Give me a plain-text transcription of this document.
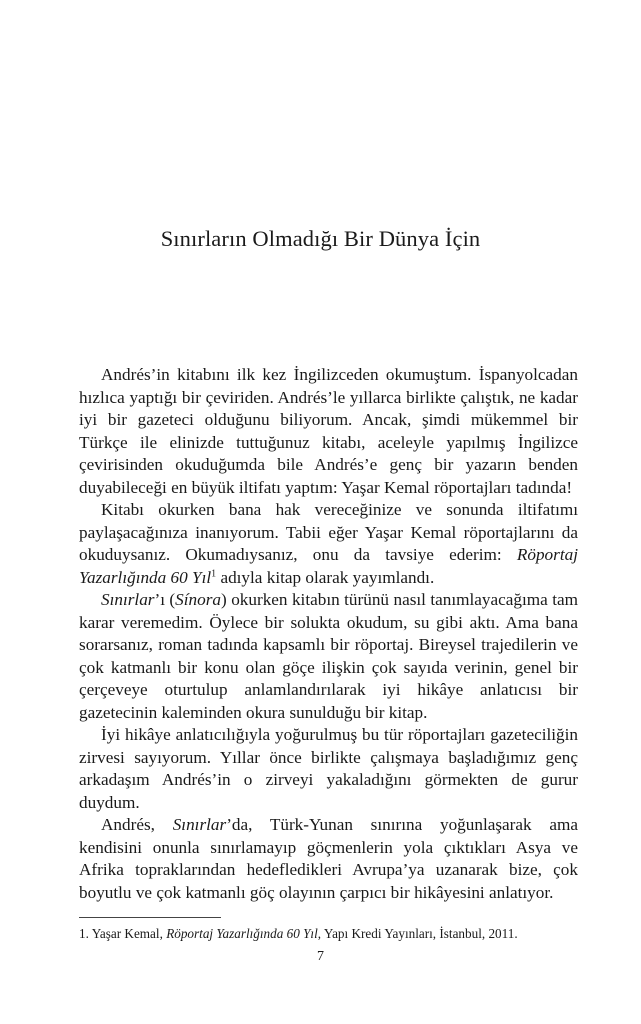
Sınırların Olmadığı Bir Dünya İçin

Andrés’in kitabını ilk kez İngilizceden okumuştum. İspanyolcadan hızlıca yaptığı bir çeviriden. Andrés’le yıllarca birlikte çalıştık, ne kadar iyi bir gazeteci olduğunu biliyorum. Ancak, şimdi mükemmel bir Türkçe ile elinizde tuttuğunuz kitabı, aceleyle yapılmış İngilizce çevirisinden okuduğumda bile Andrés’e genç bir yazarın benden duyabileceği en büyük iltifatı yaptım: Yaşar Kemal röportajları tadında!

Kitabı okurken bana hak vereceğinize ve sonunda iltifatımı paylaşacağınıza inanıyorum. Tabii eğer Yaşar Kemal röportajlarını da okuduysanız. Okumadıysanız, onu da tavsiye ederim: Röportaj Yazarlığında 60 Yıl$^1$ adıyla kitap olarak yayımlandı.

Sınırlar’ı (Sínora) okurken kitabın türünü nasıl tanımlayacağıma tam karar veremedim. Öylece bir solukta okudum, su gibi aktı. Ama bana sorarsanız, roman tadında kapsamlı bir röportaj. Bireysel trajedilerin ve çok katmanlı bir konu olan göçe ilişkin çok sayıda verinin, genel bir çerçeveye oturtulup anlamlandırılarak iyi hikâye anlatıcısı bir gazetecinin kaleminden okura sunulduğu bir kitap.

İyi hikâye anlatıcılığıyla yoğurulmuş bu tür röportajları gazeteciliğin zirvesi sayıyorum. Yıllar önce birlikte çalışmaya başladığımız genç arkadaşım Andrés’in o zirveyi yakaladığını görmekten de gurur duydum.

Andrés, Sınırlar’da, Türk-Yunan sınırına yoğunlaşarak ama kendisini onunla sınırlamayıp göçmenlerin yola çıktıkları Asya ve Afrika topraklarından hedefledikleri Avrupa’ya uzanarak bize, çok boyutlu ve çok katmanlı göç olayının çarpıcı bir hikâyesini anlatıyor.

1. Yaşar Kemal, Röportaj Yazarlığında 60 Yıl, Yapı Kredi Yayınları, İstanbul, 2011.
7
